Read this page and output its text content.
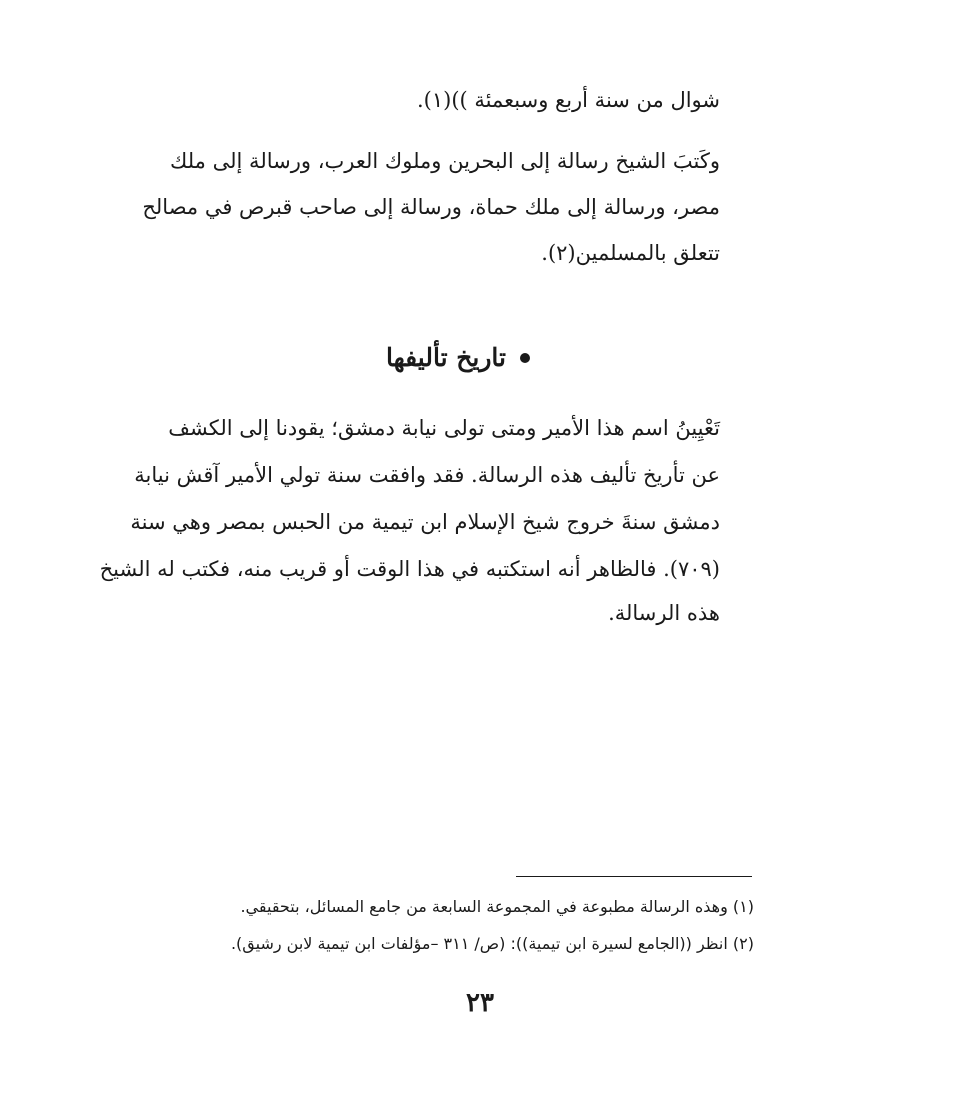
شوال من سنة أربع وسبعمئة ))(١).
وكَتبَ الشيخ رسالة إلى البحرين وملوك العرب، ورسالة إلى ملك
مصر، ورسالة إلى ملك حماة، ورسالة إلى صاحب قبرص في مصالح
تتعلق بالمسلمين(٢).
تاريخ تأليفها
تَعْيِينُ اسم هذا الأمير ومتى تولى نيابة دمشق؛ يقودنا إلى الكشف
عن تأريخ تأليف هذه الرسالة. فقد وافقت سنة تولي الأمير آقش نيابة
دمشق سنةَ خروج شيخ الإسلام ابن تيمية من الحبس بمصر وهي سنة
(٧٠٩). فالظاهر أنه استكتبه في هذا الوقت أو قريب منه، فكتب له الشيخ
هذه الرسالة.
(١) وهذه الرسالة مطبوعة في المجموعة السابعة من جامع المسائل، بتحقيقي.
(٢) انظر ((الجامع لسيرة ابن تيمية)): (ص/ ٣١١ –مؤلفات ابن تيمية لابن رشيق).
٢٣
